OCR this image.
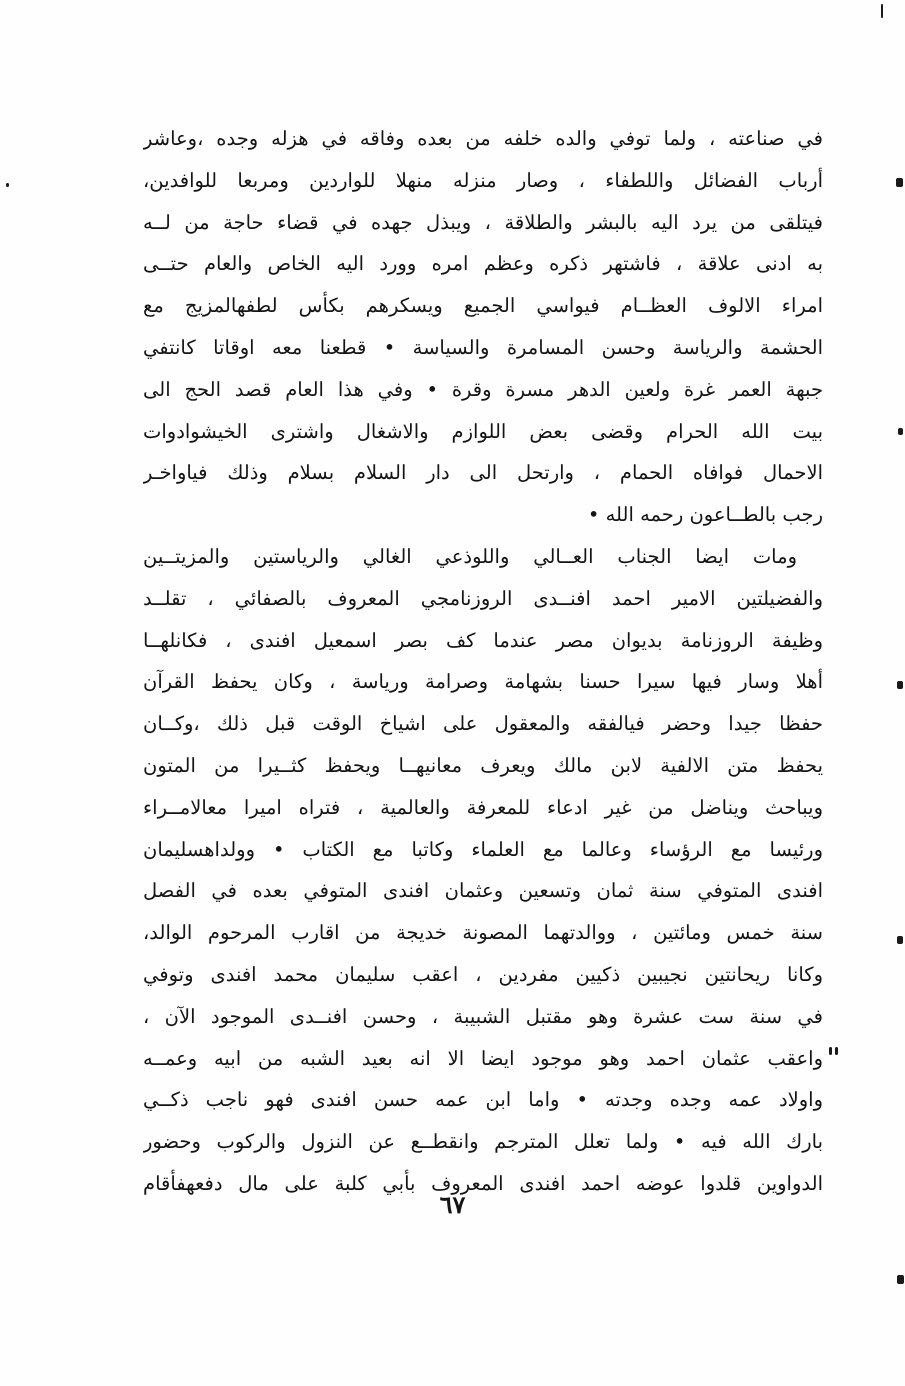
في صناعته ، ولما توفي والده خلفه من بعده وفاقه في هزله وجده ،وعاشر
أرباب الفضائل واللطفاء ، وصار منزله منهلا للواردين ومربعا للوافدين،
فيتلقى من يرد اليه بالبشر والطلاقة ، ويبذل جهده في قضاء حاجة من لــه
به ادنى علاقة ، فاشتهر ذكره وعظم امره وورد اليه الخاص والعام حتــى
امراء الالوف العظــام فيواسي الجميع ويسكرهم بكأس لطفهالمزيج مع
الحشمة والرياسة وحسن المسامرة والسياسة • قطعنا معه اوقاتا كانتفي
جبهة العمر غرة ولعين الدهر مسرة وقرة • وفي هذا العام قصد الحج الى
بيت الله الحرام وقضى بعض اللوازم والاشغال واشترى الخيشوادوات
الاحمال فوافاه الحمام ، وارتحل الى دار السلام بسلام وذلك فياواخـر
رجب بالطــاعون رحمه الله •
ومات ايضا الجناب العــالي واللوذعي الغالي والرياستين والمزيتــين
والفضيلتين الامير احمد افنــدى الروزنامجي المعروف بالصفائي ، تقلــد
وظيفة الروزنامة بديوان مصر عندما كف بصر اسمعيل افندى ، فكانلهــا
أهلا وسار فيها سيرا حسنا بشهامة وصرامة ورياسة ، وكان يحفظ القرآن
حفظا جيدا وحضر فيالفقه والمعقول على اشياخ الوقت قبل ذلك ،وكــان
يحفظ متن الالفية لابن مالك ويعرف معانيهــا ويحفظ كثــيرا من المتون
ويباحث ويناضل من غير ادعاء للمعرفة والعالمية ، فتراه اميرا معالامــراء
ورئيسا مع الرؤساء وعالما مع العلماء وكاتبا مع الكتاب • وولداهسليمان
افندى المتوفي سنة ثمان وتسعين وعثمان افندى المتوفي بعده في الفصل
سنة خمس ومائتين ، ووالدتهما المصونة خديجة من اقارب المرحوم الوالد،
وكانا ريحانتين نجيبين ذكيين مفردين ، اعقب سليمان محمد افندى وتوفي
في سنة ست عشرة وهو مقتبل الشبيبة ، وحسن افنــدى الموجود الآن ،
واعقب عثمان احمد وهو موجود ايضا الا انه بعيد الشبه من ابيه وعمــه
واولاد عمه وجده وجدته • واما ابن عمه حسن افندى فهو ناجب ذكــي
بارك الله فيه • ولما تعلل المترجم وانقطــع عن النزول والركوب وحضور
الدواوين قلدوا عوضه احمد افندى المعروف بأبي كلبة على مال دفعهفأقام
٦٧
